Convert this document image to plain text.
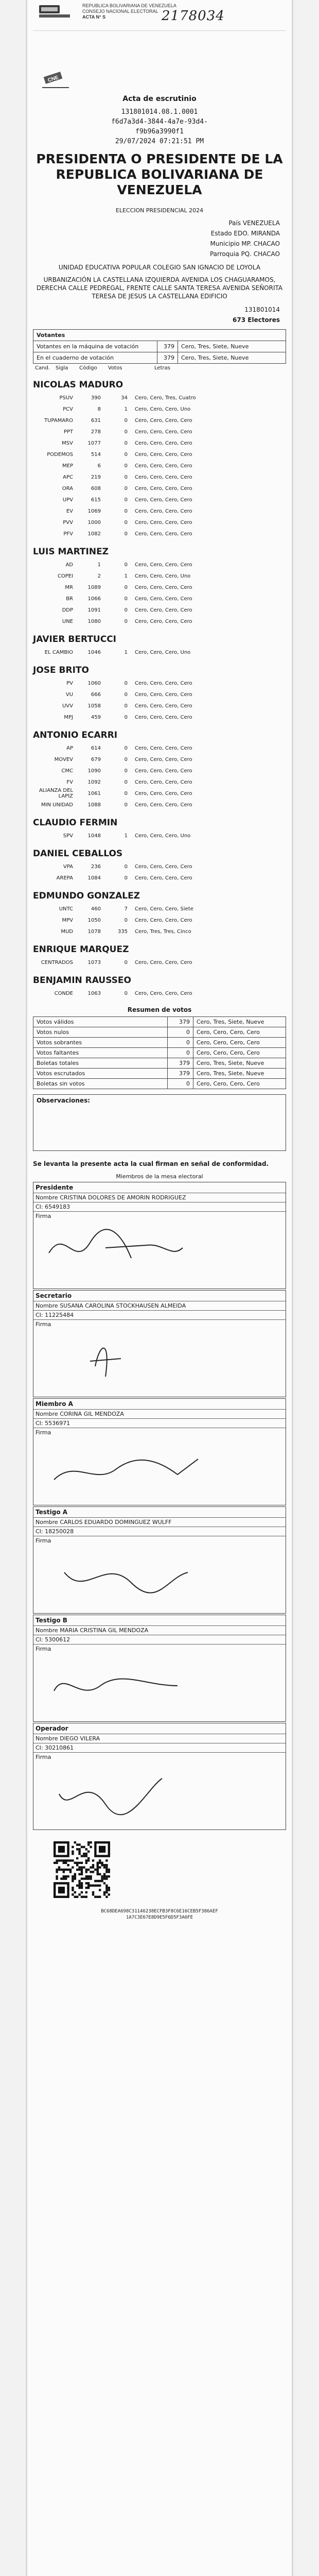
REPUBLICA BOLIVARIANA DE VENEZUELA
CONSEJO NACIONAL ELECTORAL
ACTA N° S	2178034
CNE
Acta de escrutinio
131801014.08.1.0001
f6d7a3d4-3844-4a7e-93d4-
f9b96a3990f1
29/07/2024 07:21:51 PM
PRESIDENTA O PRESIDENTE DE LA REPUBLICA BOLIVARIANA DE VENEZUELA
ELECCION PRESIDENCIAL 2024
País VENEZUELA
Estado EDO. MIRANDA
Municipio MP. CHACAO
Parroquia PQ. CHACAO
UNIDAD EDUCATIVA POPULAR COLEGIO SAN IGNACIO DE LOYOLA
URBANIZACIÓN LA CASTELLANA IZQUIERDA AVENIDA LOS CHAGUARAMOS, DERECHA CALLE PEDREGAL, FRENTE CALLE SANTA TERESA AVENIDA SEÑORITA TERESA DE JESUS LA CASTELLANA EDIFICIO
131801014
673 Electores
Votantes		
Votantes en la máquina de votación	379	Cero, Tres, Siete, Nueve
En el cuaderno de votación	379	Cero, Tres, Siete, Nueve
Cand.	Sigla	Código	Votos	Letras
NICOLAS MADURO
PSUV	390	34	Cero, Cero, Tres, Cuatro
PCV	8	1	Cero, Cero, Cero, Uno
TUPAMARO	631	0	Cero, Cero, Cero, Cero
PPT	278	0	Cero, Cero, Cero, Cero
MSV	1077	0	Cero, Cero, Cero, Cero
PODEMOS	514	0	Cero, Cero, Cero, Cero
MEP	6	0	Cero, Cero, Cero, Cero
APC	219	0	Cero, Cero, Cero, Cero
ORA	608	0	Cero, Cero, Cero, Cero
UPV	615	0	Cero, Cero, Cero, Cero
EV	1069	0	Cero, Cero, Cero, Cero
PVV	1000	0	Cero, Cero, Cero, Cero
PFV	1082	0	Cero, Cero, Cero, Cero
LUIS MARTINEZ
AD	1	0	Cero, Cero, Cero, Cero
COPEI	2	1	Cero, Cero, Cero, Uno
MR	1089	0	Cero, Cero, Cero, Cero
BR	1066	0	Cero, Cero, Cero, Cero
DDP	1091	0	Cero, Cero, Cero, Cero
UNE	1080	0	Cero, Cero, Cero, Cero
JAVIER BERTUCCI
EL CAMBIO	1046	1	Cero, Cero, Cero, Uno
JOSE BRITO
PV	1060	0	Cero, Cero, Cero, Cero
VU	666	0	Cero, Cero, Cero, Cero
UVV	1058	0	Cero, Cero, Cero, Cero
MPJ	459	0	Cero, Cero, Cero, Cero
ANTONIO ECARRI
AP	614	0	Cero, Cero, Cero, Cero
MOVEV	679	0	Cero, Cero, Cero, Cero
CMC	1090	0	Cero, Cero, Cero, Cero
FV	1092	0	Cero, Cero, Cero, Cero
ALIANZA DEL LAPIZ	1061	0	Cero, Cero, Cero, Cero
MIN UNIDAD	1088	0	Cero, Cero, Cero, Cero
CLAUDIO FERMIN
SPV	1048	1	Cero, Cero, Cero, Uno
DANIEL CEBALLOS
VPA	236	0	Cero, Cero, Cero, Cero
AREPA	1084	0	Cero, Cero, Cero, Cero
EDMUNDO GONZALEZ
UNTC	460	7	Cero, Cero, Cero, Siete
MPV	1050	0	Cero, Cero, Cero, Cero
MUD	1078	335	Cero, Tres, Tres, Cinco
ENRIQUE MARQUEZ
CENTRADOS	1073	0	Cero, Cero, Cero, Cero
BENJAMIN RAUSSEO
CONDE	1063	0	Cero, Cero, Cero, Cero
Resumen de votos
Votos válidos	379	Cero, Tres, Siete, Nueve
Votos nulos	0	Cero, Cero, Cero, Cero
Votos sobrantes	0	Cero, Cero, Cero, Cero
Votos faltantes	0	Cero, Cero, Cero, Cero
Boletas totales	379	Cero, Tres, Siete, Nueve
Votos escrutados	379	Cero, Tres, Siete, Nueve
Boletas sin votos	0	Cero, Cero, Cero, Cero
Observaciones:
Se levanta la presente acta la cual firman en señal de conformidad.
Miembros de la mesa electoral
Presidente
Nombre CRISTINA DOLORES DE AMORIN RODRIGUEZ
CI: 6549183
Firma
Secretario
Nombre SUSANA CAROLINA STOCKHAUSEN ALMEIDA
CI: 11225484
Firma
Miembro A
Nombre CORINA GIL MENDOZA
CI: 5536971
Firma
Testigo A
Nombre CARLOS EDUARDO DOMINGUEZ WULFF
CI: 18250028
Firma
Testigo B
Nombre MARIA CRISTINA GIL MENDOZA
CI: 5300612
Firma
Operador
Nombre DIEGO VILERA
CI: 30210861
Firma
BC68DEA698C31146238ECFB3F8C6E16CEB5F386AEF
1A7C3E67E8D9E5F6D5F3A6FE
